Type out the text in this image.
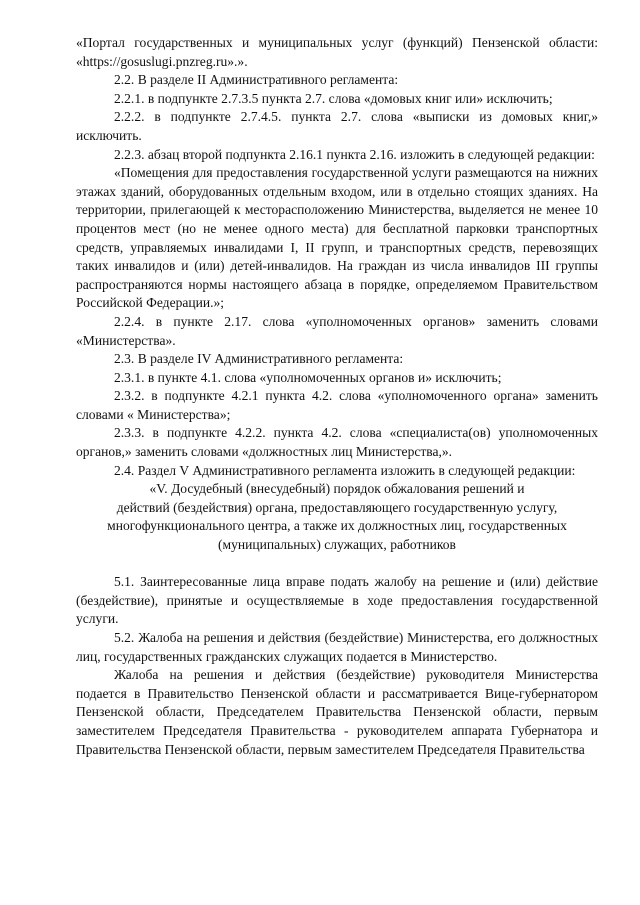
«Портал государственных и муниципальных услуг (функций) Пензенской области: «https://gosuslugi.pnzreg.ru».».

2.2. В разделе II Административного регламента:

2.2.1. в подпункте 2.7.3.5 пункта 2.7. слова «домовых книг или» исключить;

2.2.2. в подпункте 2.7.4.5. пункта 2.7. слова «выписки из домовых книг,» исключить.

2.2.3. абзац второй подпункта 2.16.1 пункта 2.16. изложить в следующей редакции:

«Помещения для предоставления государственной услуги размещаются на нижних этажах зданий, оборудованных отдельным входом, или в отдельно стоящих зданиях. На территории, прилегающей к месторасположению Министерства, выделяется не менее 10 процентов мест (но не менее одного места) для бесплатной парковки транспортных средств, управляемых инвалидами I, II групп, и транспортных средств, перевозящих таких инвалидов и (или) детей-инвалидов. На граждан из числа инвалидов III группы распространяются нормы настоящего абзаца в порядке, определяемом Правительством Российской Федерации.»;

2.2.4. в пункте 2.17. слова «уполномоченных органов» заменить словами «Министерства».

2.3. В разделе IV Административного регламента:

2.3.1. в пункте 4.1. слова «уполномоченных органов и» исключить;

2.3.2. в подпункте 4.2.1 пункта 4.2. слова «уполномоченного органа» заменить словами « Министерства»;

2.3.3. в подпункте 4.2.2. пункта 4.2. слова «специалиста(ов) уполномоченных органов,» заменить словами «должностных лиц Министерства,».

2.4. Раздел V Административного регламента изложить в следующей редакции:

«V. Досудебный (внесудебный) порядок обжалования решений и

действий (бездействия) органа, предоставляющего государственную услугу,

многофункционального центра, а также их должностных лиц, государственных

(муниципальных) служащих, работников

5.1. Заинтересованные лица вправе подать жалобу на решение и (или) действие (бездействие), принятые и осуществляемые в ходе предоставления государственной услуги.

5.2. Жалоба на решения и действия (бездействие) Министерства, его должностных лиц, государственных гражданских служащих подается в Министерство.

Жалоба на решения и действия (бездействие) руководителя Министерства подается в Правительство Пензенской области и рассматривается Вице-губернатором Пензенской области, Председателем Правительства Пензенской области, первым заместителем Председателя Правительства - руководителем аппарата Губернатора и Правительства Пензенской области, первым заместителем Председателя Правительства
